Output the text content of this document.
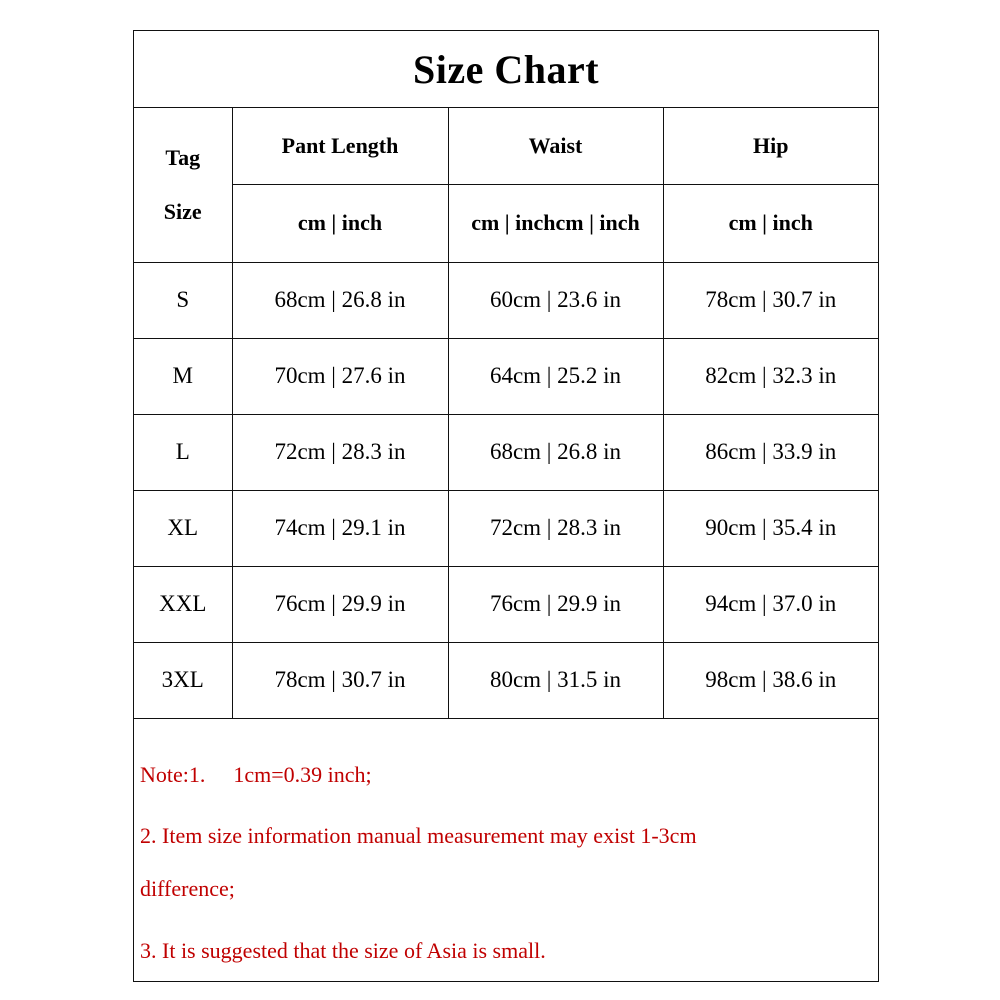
Size Chart
Tag
Size	Pant Length	Waist	Hip
	cm | inch	cm | inchcm | inch	cm | inch
S	68cm | 26.8 in	60cm | 23.6 in	78cm | 30.7 in
M	70cm | 27.6 in	64cm | 25.2 in	82cm | 32.3 in
L	72cm | 28.3 in	68cm | 26.8 in	86cm | 33.9 in
XL	74cm | 29.1 in	72cm | 28.3 in	90cm | 35.4 in
XXL	76cm | 29.9 in	76cm | 29.9 in	94cm | 37.0 in
3XL	78cm | 30.7 in	80cm | 31.5 in	98cm | 38.6 in
Note:1. 1cm=0.39 inch;
2. Item size information manual measurement may exist 1-3cm
difference;
3. It is suggested that the size of Asia is small.
